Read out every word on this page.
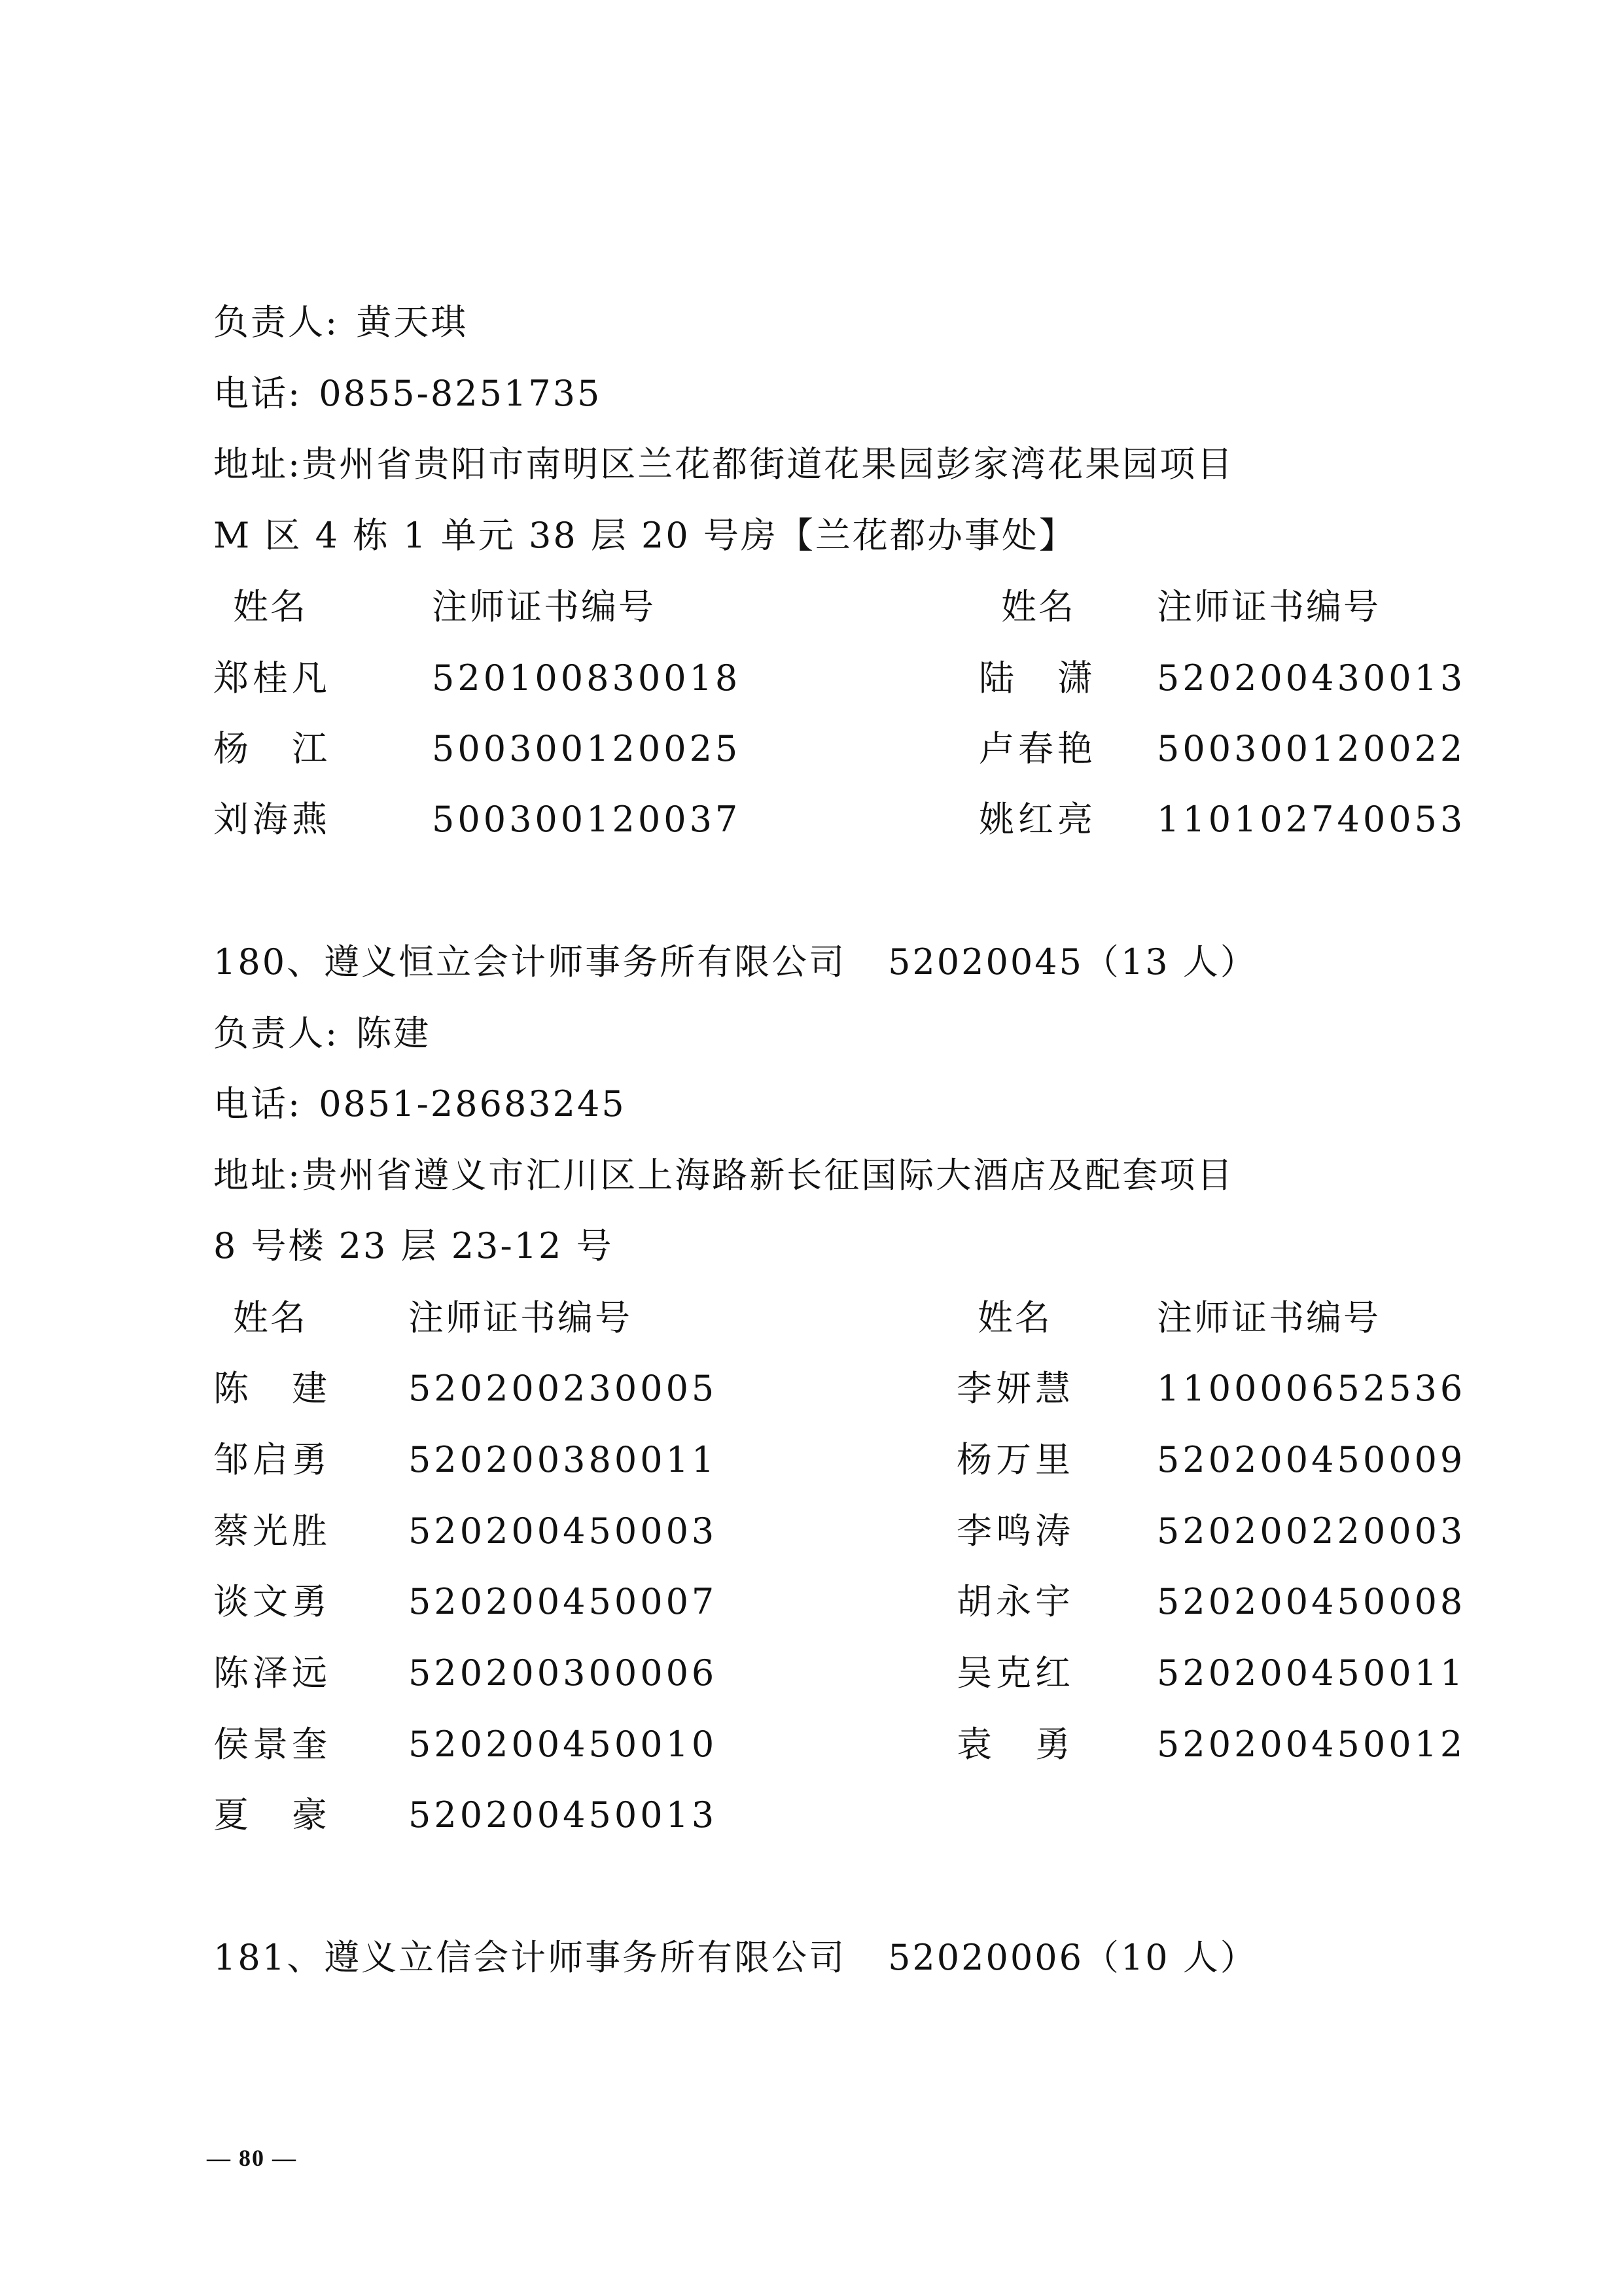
负责人: 黄天琪
电话: 0855-8251735
地址:贵州省贵阳市南明区兰花都街道花果园彭家湾花果园项目
M 区 4 栋 1 单元 38 层 20 号房【兰花都办事处】
姓名	注师证书编号	姓名 注师证书编号
郑桂凡	520100830018	陆　潇 520200430013
杨　江	500300120025	卢春艳 500300120022
刘海燕	500300120037	姚红亮 110102740053
180、遵义恒立会计师事务所有限公司 52020045（13 人）
负责人: 陈建
电话: 0851-28683245
地址:贵州省遵义市汇川区上海路新长征国际大酒店及配套项目
8 号楼 23 层 23-12 号
姓名	注师证书编号	姓名	注师证书编号
陈　建 520200230005	李妍慧 110000652536
邹启勇 520200380011	杨万里 520200450009
蔡光胜 520200450003	李鸣涛 520200220003
谈文勇 520200450007	胡永宇 520200450008
陈泽远 520200300006	吴克红 520200450011
侯景奎 520200450010	袁　勇 520200450012
夏　豪 520200450013
181、遵义立信会计师事务所有限公司 52020006（10 人）
— 80 —
